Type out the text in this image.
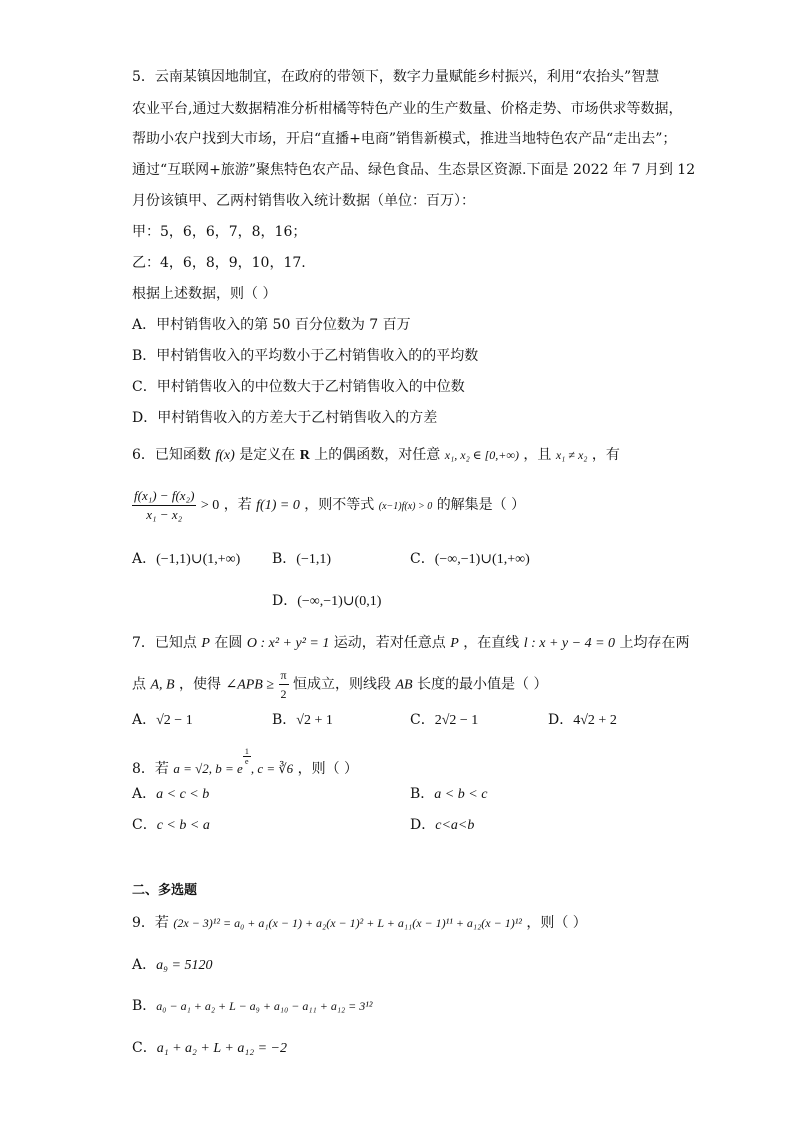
5．云南某镇因地制宜，在政府的带领下，数字力量赋能乡村振兴，利用“农抬头”智慧
农业平台,通过大数据精准分析柑橘等特色产业的生产数量、价格走势、市场供求等数据，
帮助小农户找到大市场，开启“直播+电商”销售新模式，推进当地特色农产品“走出去”；
通过“互联网+旅游”聚焦特色农产品、绿色食品、生态景区资源.下面是 2022 年 7 月到 12
月份该镇甲、乙两村销售收入统计数据（单位：百万）：
甲：5，6，6，7，8，16；
乙：4，6，8，9，10，17.
根据上述数据，则（ ）
A．甲村销售收入的第 50 百分位数为 7 百万
B．甲村销售收入的平均数小于乙村销售收入的的平均数
C．甲村销售收入的中位数大于乙村销售收入的中位数
D．甲村销售收入的方差大于乙村销售收入的方差
6．已知函数 f(x) 是定义在 R 上的偶函数，对任意 x₁, x₂ ∈ [0,+∞) ，且 x₁ ≠ x₂ ，有
$\frac{\text{f(x₁) − f(x₂)}}{\text{x₁ − x₂}} > 0$ ，若 f(1) = 0 ，则不等式 (x−1)f(x) > 0 的解集是（ ）
A．(−1,1)∪(1,+∞) B．(−1,1)	C．(−∞,−1)∪(1,+∞)
D．(−∞,−1)∪(0,1)
7．已知点 P 在圆 O : x² + y² = 1 运动，若对任意点 P ，在直线 l : x + y − 4 = 0 上均存在两
点 A, B ，使得 ∠APB ≥ $\frac{\pi}{2}$ 恒成立，则线段 AB 长度的最小值是（ ）
A．√2 − 1	B．√2 + 1	C．2√2 − 1	D．4√2 + 2
8．若 a = √2, b = e
$\frac{1}{e}$
, c = ∛6 ，则（ ）
A．a < c < b	B．a < b < c
C．c < b < a	D．c<a<b
二、多选题
9．若 (2x − 3)¹² = a₀ + a₁(x − 1) + a₂(x − 1)² + L + a₁₁(x − 1)¹¹ + a₁₂(x − 1)¹² ，则（ ）
A．a₉ = 5120
B．a₀ − a₁ + a₂ + L − a₉ + a₁₀ − a₁₁ + a₁₂ = 3¹²
C．a₁ + a₂ + L + a₁₂ = −2
